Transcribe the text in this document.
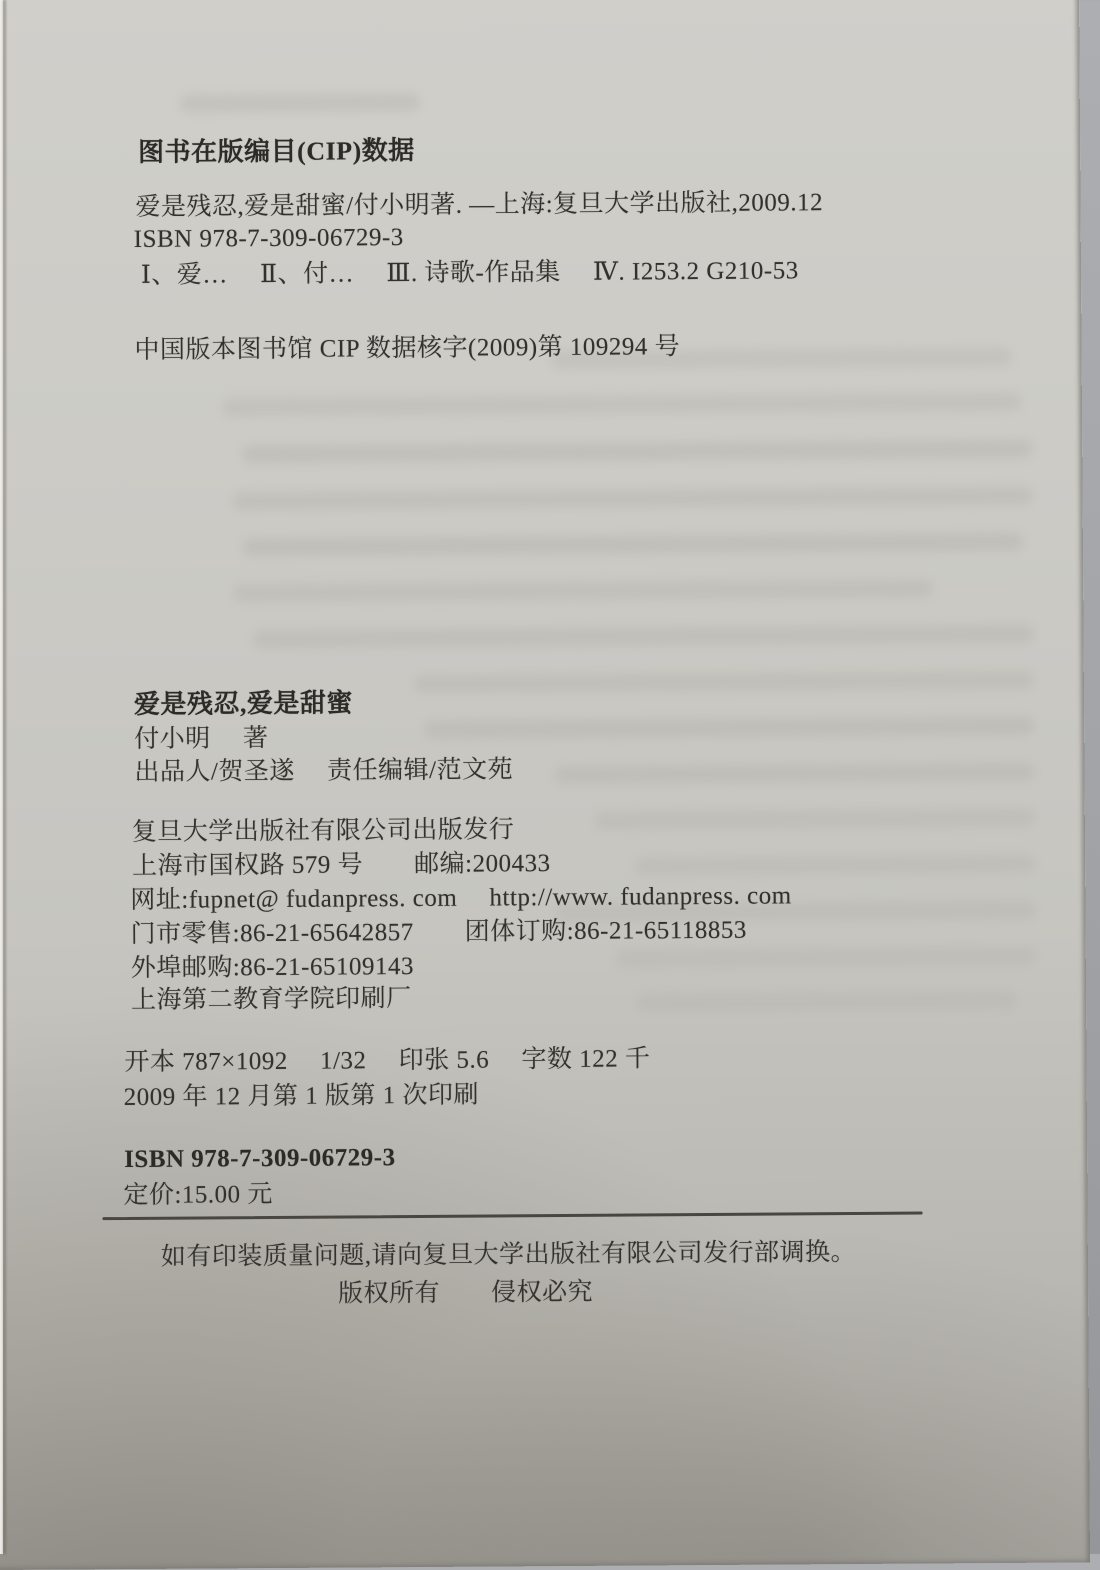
图书在版编目(CIP)数据

爱是残忍,爱是甜蜜/付小明著. —上海:复旦大学出版社,2009.12

ISBN 978-7-309-06729-3

Ⅰ、爱…　 Ⅱ、付…　 Ⅲ. 诗歌-作品集　 Ⅳ. I253.2 G210-53

中国版本图书馆 CIP 数据核字(2009)第 109294 号

爱是残忍,爱是甜蜜

付小明　 著

出品人/贺圣遂　 责任编辑/范文苑

复旦大学出版社有限公司出版发行

上海市国权路 579 号　　邮编:200433

网址:fupnet@ fudanpress. com　 http://www. fudanpress. com

门市零售:86-21-65642857　　团体订购:86-21-65118853

外埠邮购:86-21-65109143

上海第二教育学院印刷厂

开本 787×1092　 1/32　 印张 5.6　 字数 122 千

2009 年 12 月第 1 版第 1 次印刷

ISBN 978-7-309-06729-3

定价:15.00 元

如有印装质量问题,请向复旦大学出版社有限公司发行部调换。

版权所有　　侵权必究
